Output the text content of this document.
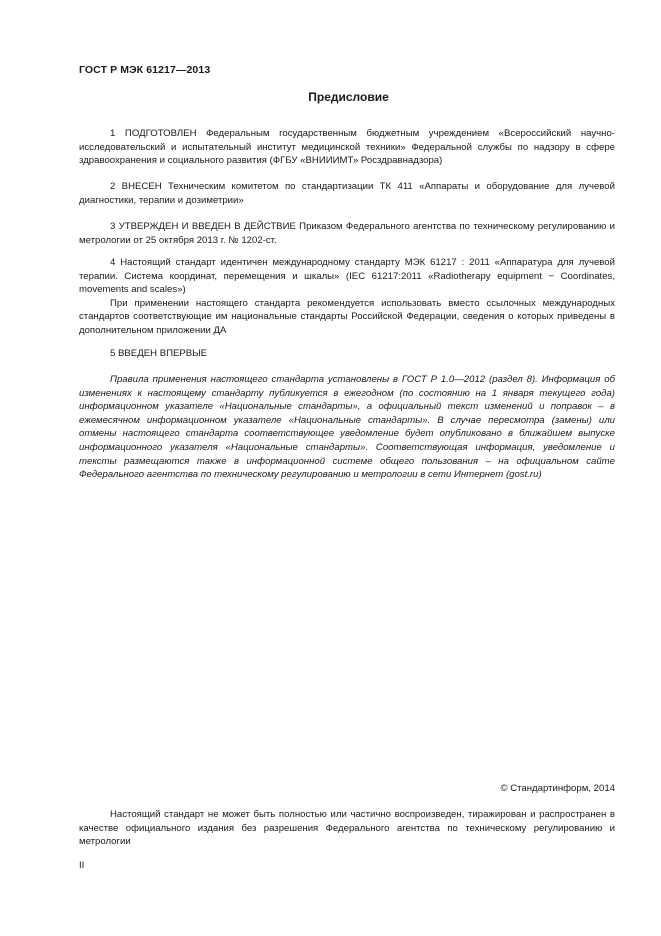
ГОСТ Р МЭК 61217—2013
Предисловие

1 ПОДГОТОВЛЕН Федеральным государственным бюджетным учреждением «Всероссийский научно-исследовательский и испытательный институт медицинской техники» Федеральной службы по надзору в сфере здравоохранения и социального развития (ФГБУ «ВНИИИМТ» Росздравнадзора)

2 ВНЕСЕН Техническим комитетом по стандартизации ТК 411 «Аппараты и оборудование для лучевой диагностики, терапии и дозиметрии»

3 УТВЕРЖДЕН И ВВЕДЕН В ДЕЙСТВИЕ Приказом Федерального агентства по техническому регулированию и метрологии от 25 октября 2013 г. № 1202-ст.

4 Настоящий стандарт идентичен международному стандарту МЭК 61217 : 2011 «Аппаратура для лучевой терапии. Система координат, перемещения и шкалы» (IEC 61217:2011 «Radiotherapy equipment − Coordinates, movements and scales»)

При применении настоящего стандарта рекомендуется использовать вместо ссылочных международных стандартов соответствующие им национальные стандарты Российской Федерации, сведения о которых приведены в дополнительном приложении ДА

5 ВВЕДЕН ВПЕРВЫЕ

Правила применения настоящего стандарта установлены в ГОСТ Р 1.0—2012 (раздел 8). Информация об изменениях к настоящему стандарту публикуется в ежегодном (по состоянию на 1 января текущего года) информационном указателе «Национальные стандарты», а официальный текст изменений и поправок – в ежемесячном информационном указателе «Национальные стандарты». В случае пересмотра (замены) или отмены настоящего стандарта соответствующее уведомление будет опубликовано в ближайшем выпуске информационного указателя «Национальные стандарты». Соответствующая информация, уведомление и тексты размещаются также в информационной системе общего пользования – на официальном сайте Федерального агентства по техническому регулированию и метрологии в сети Интернет (gost.ru)

© Стандартинформ, 2014

Настоящий стандарт не может быть полностью или частично воспроизведен, тиражирован и распространен в качестве официального издания без разрешения Федерального агентства по техническому регулированию и метрологии

II
